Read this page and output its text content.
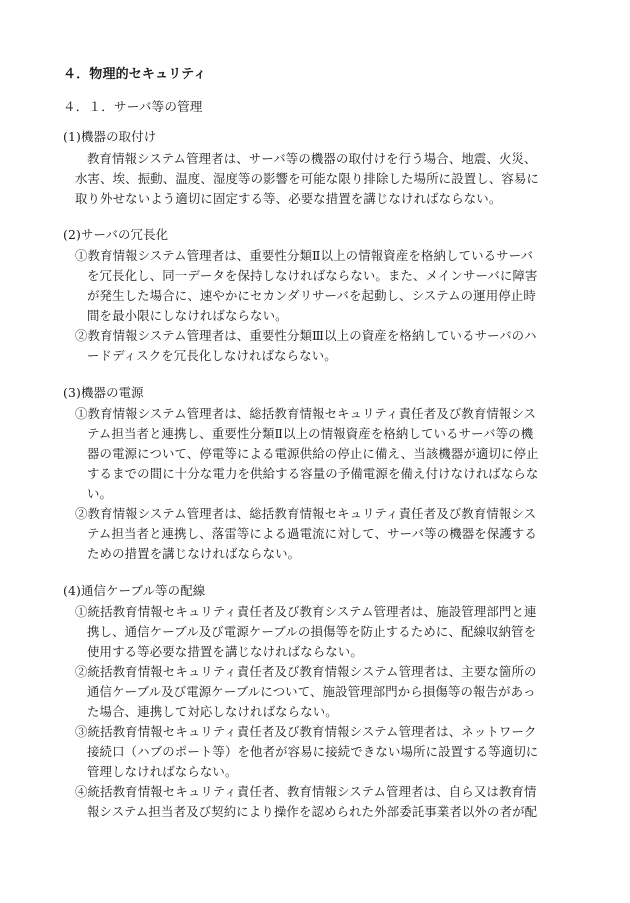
４．物理的セキュリティ
４．１．サーバ等の管理
(1)機器の取付け
教育情報システム管理者は、サーバ等の機器の取付けを行う場合、地震、火災、
水害、埃、振動、温度、湿度等の影響を可能な限り排除した場所に設置し、容易に
取り外せないよう適切に固定する等、必要な措置を講じなければならない。
(2)サーバの冗長化
①教育情報システム管理者は、重要性分類Ⅱ以上の情報資産を格納しているサーバ
を冗長化し、同一データを保持しなければならない。また、メインサーバに障害
が発生した場合に、速やかにセカンダリサーバを起動し、システムの運用停止時
間を最小限にしなければならない。
②教育情報システム管理者は、重要性分類Ⅲ以上の資産を格納しているサーバのハ
ードディスクを冗長化しなければならない。
(3)機器の電源
①教育情報システム管理者は、総括教育情報セキュリティ責任者及び教育情報シス
テム担当者と連携し、重要性分類Ⅱ以上の情報資産を格納しているサーバ等の機
器の電源について、停電等による電源供給の停止に備え、当該機器が適切に停止
するまでの間に十分な電力を供給する容量の予備電源を備え付けなければならな
い。
②教育情報システム管理者は、総括教育情報セキュリティ責任者及び教育情報シス
テム担当者と連携し、落雷等による過電流に対して、サーバ等の機器を保護する
ための措置を講じなければならない。
(4)通信ケーブル等の配線
①統括教育情報セキュリティ責任者及び教育システム管理者は、施設管理部門と連
携し、通信ケーブル及び電源ケーブルの損傷等を防止するために、配線収納管を
使用する等必要な措置を講じなければならない。
②統括教育情報セキュリティ責任者及び教育情報システム管理者は、主要な箇所の
通信ケーブル及び電源ケーブルについて、施設管理部門から損傷等の報告があっ
た場合、連携して対応しなければならない。
③統括教育情報セキュリティ責任者及び教育情報システム管理者は、ネットワーク
接続口（ハブのポート等）を他者が容易に接続できない場所に設置する等適切に
管理しなければならない。
④統括教育情報セキュリティ責任者、教育情報システム管理者は、自ら又は教育情
報システム担当者及び契約により操作を認められた外部委託事業者以外の者が配
